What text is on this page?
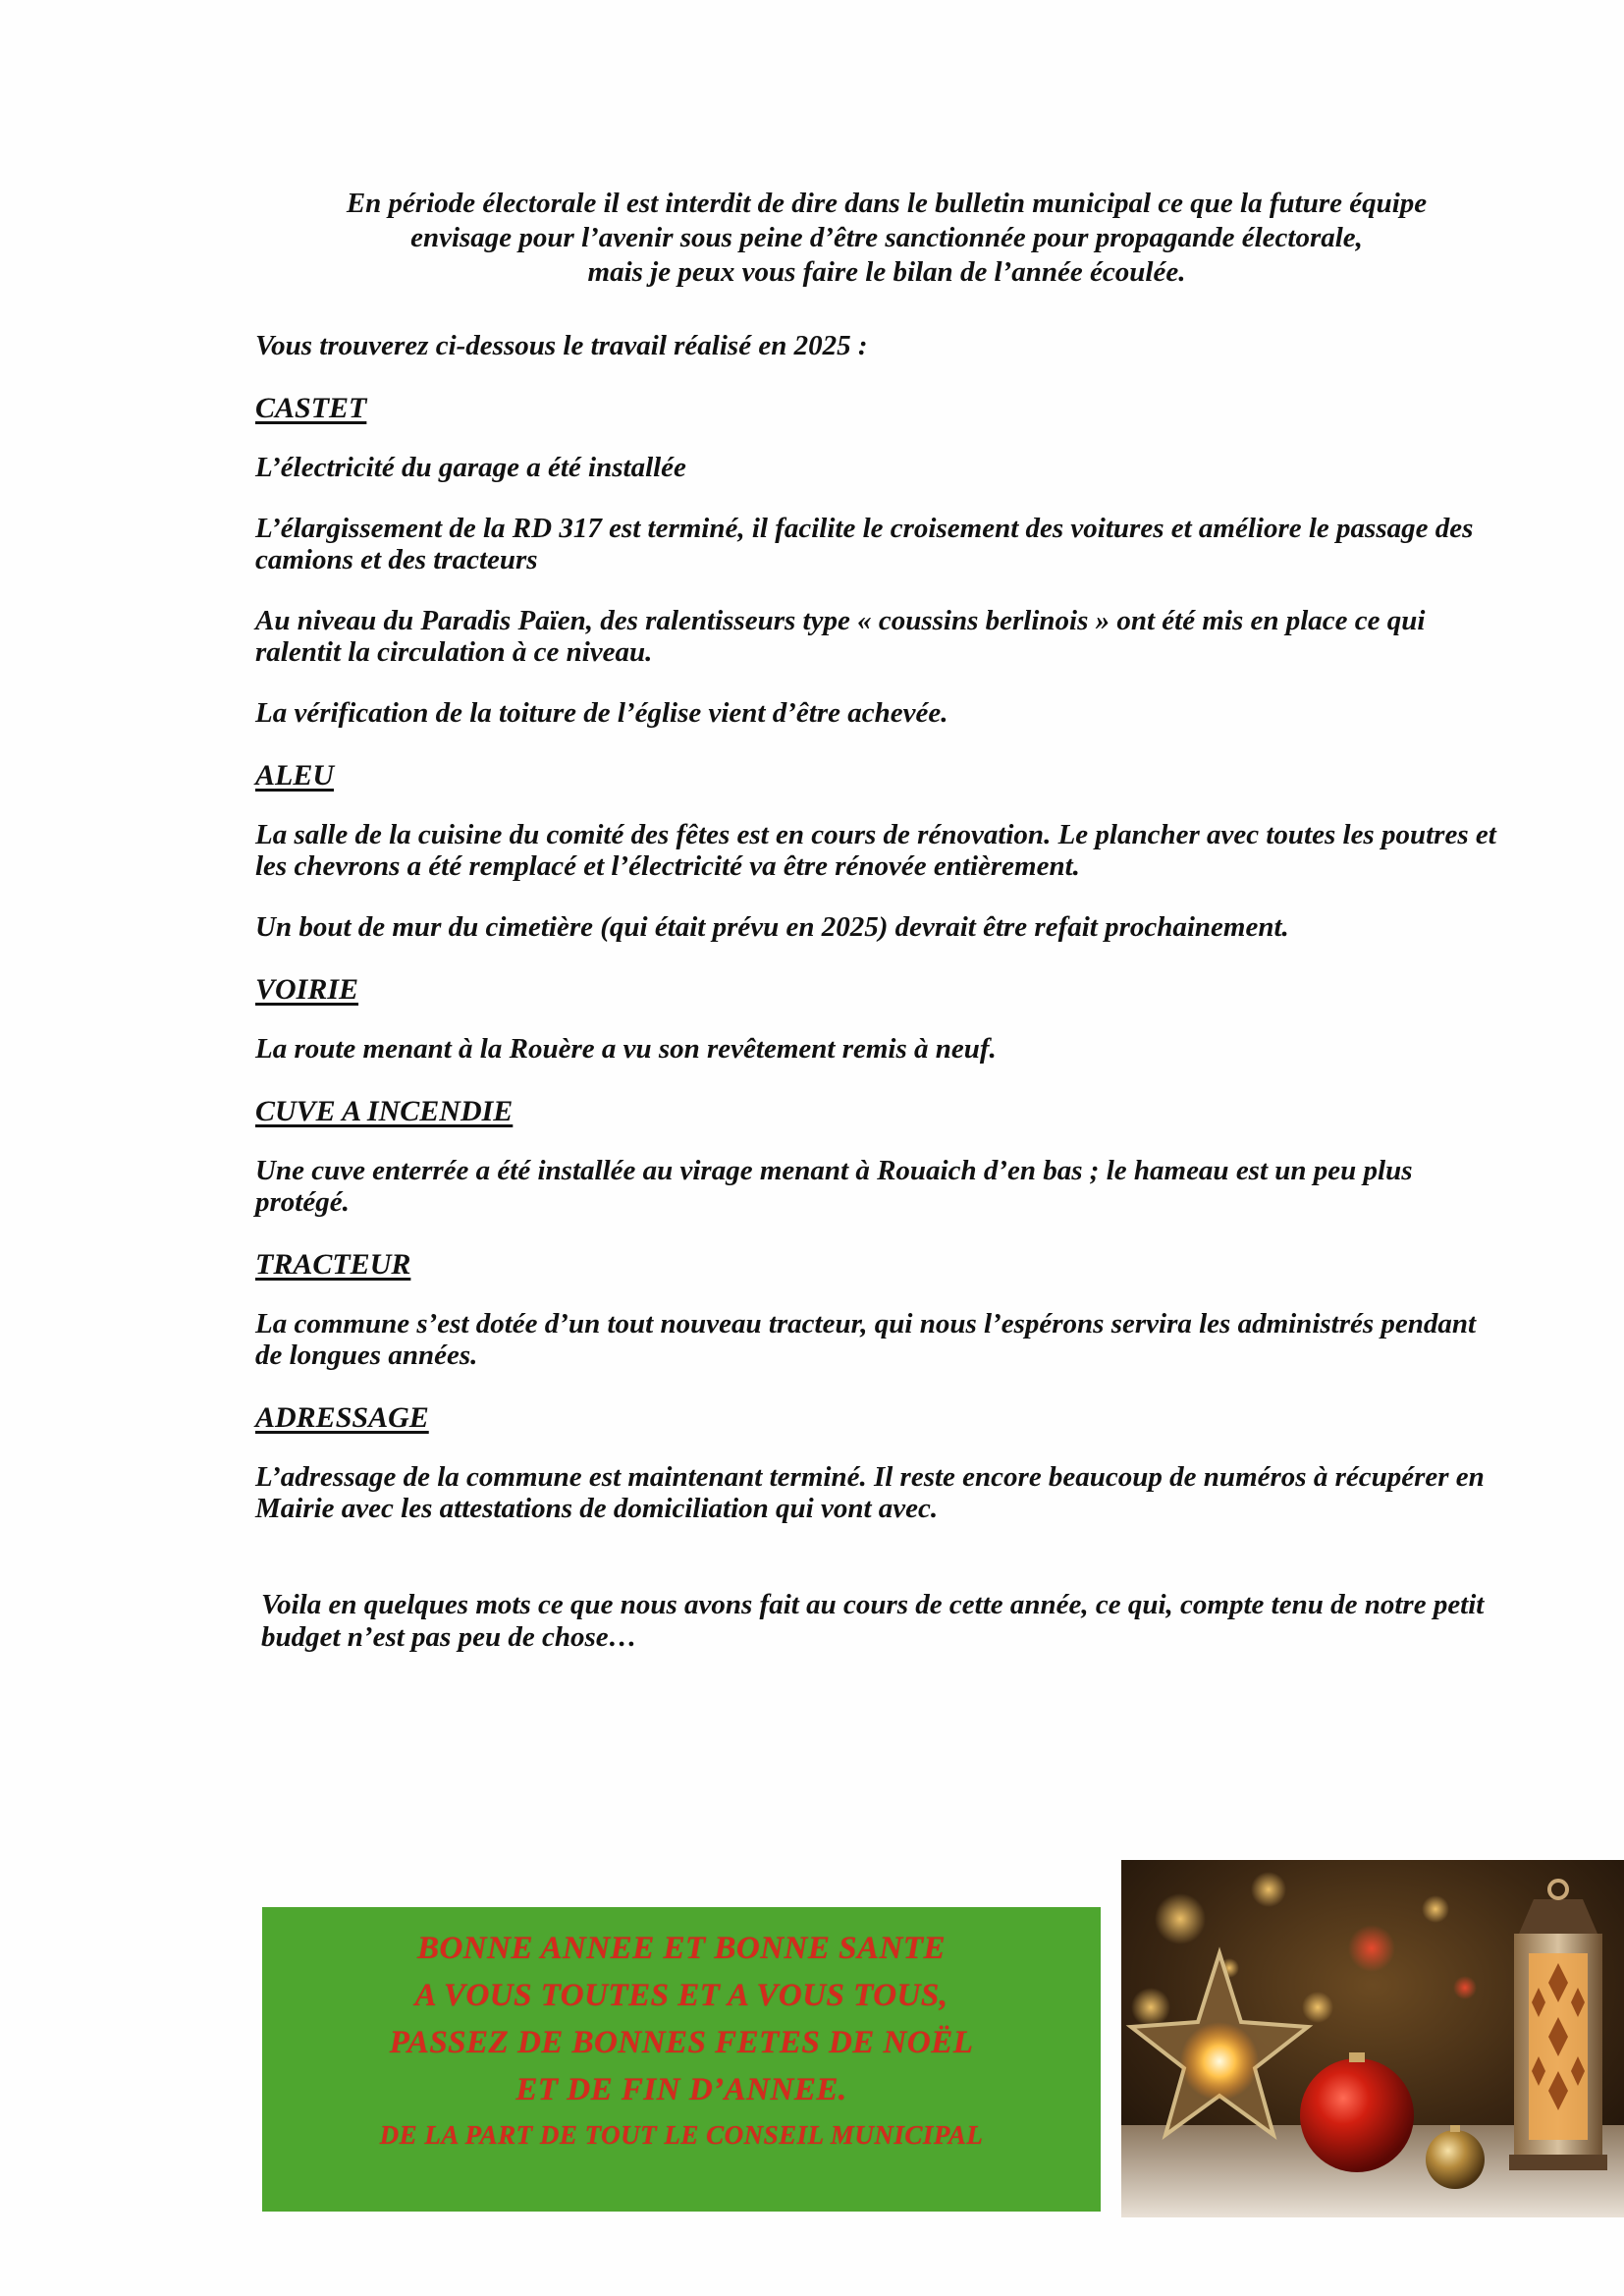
En période électorale il est interdit de dire dans le bulletin municipal ce que la future équipe
envisage pour l’avenir sous peine d’être sanctionnée pour propagande électorale,
mais je peux vous faire le bilan de l’année écoulée.
Vous trouverez ci-dessous le travail réalisé en 2025 :
CASTET
L’électricité du garage a été installée
L’élargissement de la RD 317 est terminé, il facilite le croisement des voitures et améliore le passage des camions et des tracteurs
Au niveau du Paradis Païen, des ralentisseurs type « coussins berlinois » ont été mis en place ce qui ralentit la circulation à ce niveau.
La vérification de la toiture de l’église vient d’être achevée.
ALEU
La salle de la cuisine du comité des fêtes est en cours de rénovation. Le plancher avec toutes les poutres et les chevrons a été remplacé et l’électricité va être rénovée entièrement.
Un bout de mur du cimetière (qui était prévu en 2025) devrait être refait prochainement.
VOIRIE
La route menant à la Rouère a vu son revêtement remis à neuf.
CUVE A INCENDIE
Une cuve enterrée a été installée au virage menant à Rouaich d’en bas ; le hameau est un peu plus protégé.
TRACTEUR
La commune s’est dotée d’un tout nouveau tracteur, qui nous l’espérons servira les administrés pendant de longues années.
ADRESSAGE
L’adressage de la commune est maintenant terminé. Il reste encore beaucoup de numéros à récupérer en Mairie avec les attestations de domiciliation qui vont avec.
Voila en quelques mots ce que nous avons fait au cours de cette année, ce qui, compte tenu de notre petit budget n’est pas peu de chose…
BONNE ANNEE ET BONNE SANTE
A VOUS TOUTES ET A VOUS TOUS,
PASSEZ DE BONNES FETES DE NOËL
ET DE FIN D’ANNEE.
DE LA PART DE TOUT LE CONSEIL MUNICIPAL
